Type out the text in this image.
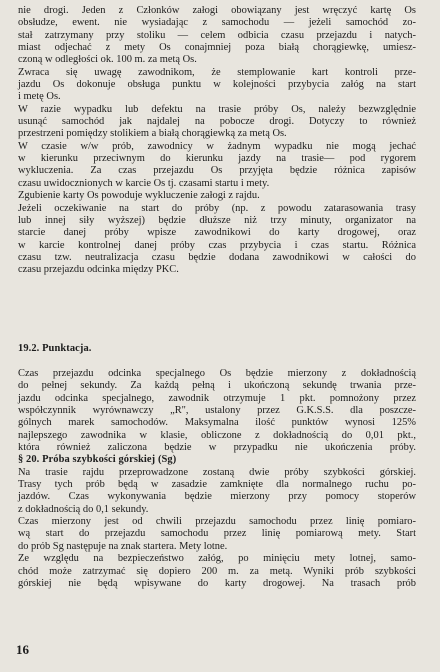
nie drogi. Jeden z Członków załogi obowiązany jest wręczyć kartę Os

obsłudze, ewent. nie wysiadając z samochodu — jeżeli samochód zo-

stał zatrzymany przy stoliku — celem odbicia czasu przejazdu i natych-

miast odjechać z mety Os conajmniej poza białą chorągiewkę, umiesz-

czoną w odległości ok. 100 m. za metą Os.

Zwraca się uwagę zawodnikom, że stemplowanie kart kontroli prze-

jazdu Os dokonuje obsługa punktu w kolejności przybycia załóg na start

i metę Os.

W razie wypadku lub defektu na trasie próby Os, należy bezwzględnie

usunąć samochód jak najdalej na pobocze drogi. Dotyczy to również

przestrzeni pomiędzy stolikiem a białą chorągiewką za metą Os.

W czasie w/w prób, zawodnicy w żadnym wypadku nie mogą jechać

w kierunku przeciwnym do kierunku jazdy na trasie— pod rygorem

wykluczenia. Za czas przejazdu Os przyjęta będzie różnica zapisów

czasu uwidocznionych w karcie Os tj. czasami startu i mety.

Zgubienie karty Os powoduje wykluczenie załogi z rajdu.

Jeżeli oczekiwanie na start do próby (np. z powodu zatarasowania trasy

lub innej siły wyższej) będzie dłuższe niż trzy minuty, organizator na

starcie danej próby wpisze zawodnikowi do karty drogowej, oraz

w karcie kontrolnej danej próby czas przybycia i czas startu. Różnica

czasu tzw. neutralizacja czasu będzie dodana zawodnikowi w całości do

czasu przejazdu odcinka między PKC.

19.2. Punktacja.

Czas przejazdu odcinka specjalnego Os będzie mierzony z dokładnością

do pełnej sekundy. Za każdą pełną i ukończoną sekundę trwania prze-

jazdu odcinka specjalnego, zawodnik otrzymuje 1 pkt. pomnożony przez

współczynnik wyrównawczy „R", ustalony przez G.K.S.S. dla poszcze-

gólnych marek samochodów. Maksymalna ilość punktów wynosi 125%

najlepszego zawodnika w klasie, obliczone z dokładnością do 0,01 pkt.,

która również zaliczona będzie w przypadku nie ukończenia próby.

§ 20. Próba szybkości górskiej (Sg)

Na trasie rajdu przeprowadzone zostaną dwie próby szybkości górskiej.

Trasy tych prób będą w zasadzie zamknięte dla normalnego ruchu po-

jazdów. Czas wykonywania będzie mierzony przy pomocy stoperów

z dokładnością do 0,1 sekundy.

Czas mierzony jest od chwili przejazdu samochodu przez linię pomiaro-

wą start do przejazdu samochodu przez linię pomiarową mety. Start

do prób Sg następuje na znak startera. Mety lotne.

Ze względu na bezpieczeństwo załóg, po minięciu mety lotnej, samo-

chód może zatrzymać się dopiero 200 m. za metą. Wyniki prób szybkości

górskiej nie będą wpisywane do karty drogowej. Na trasach prób

16
